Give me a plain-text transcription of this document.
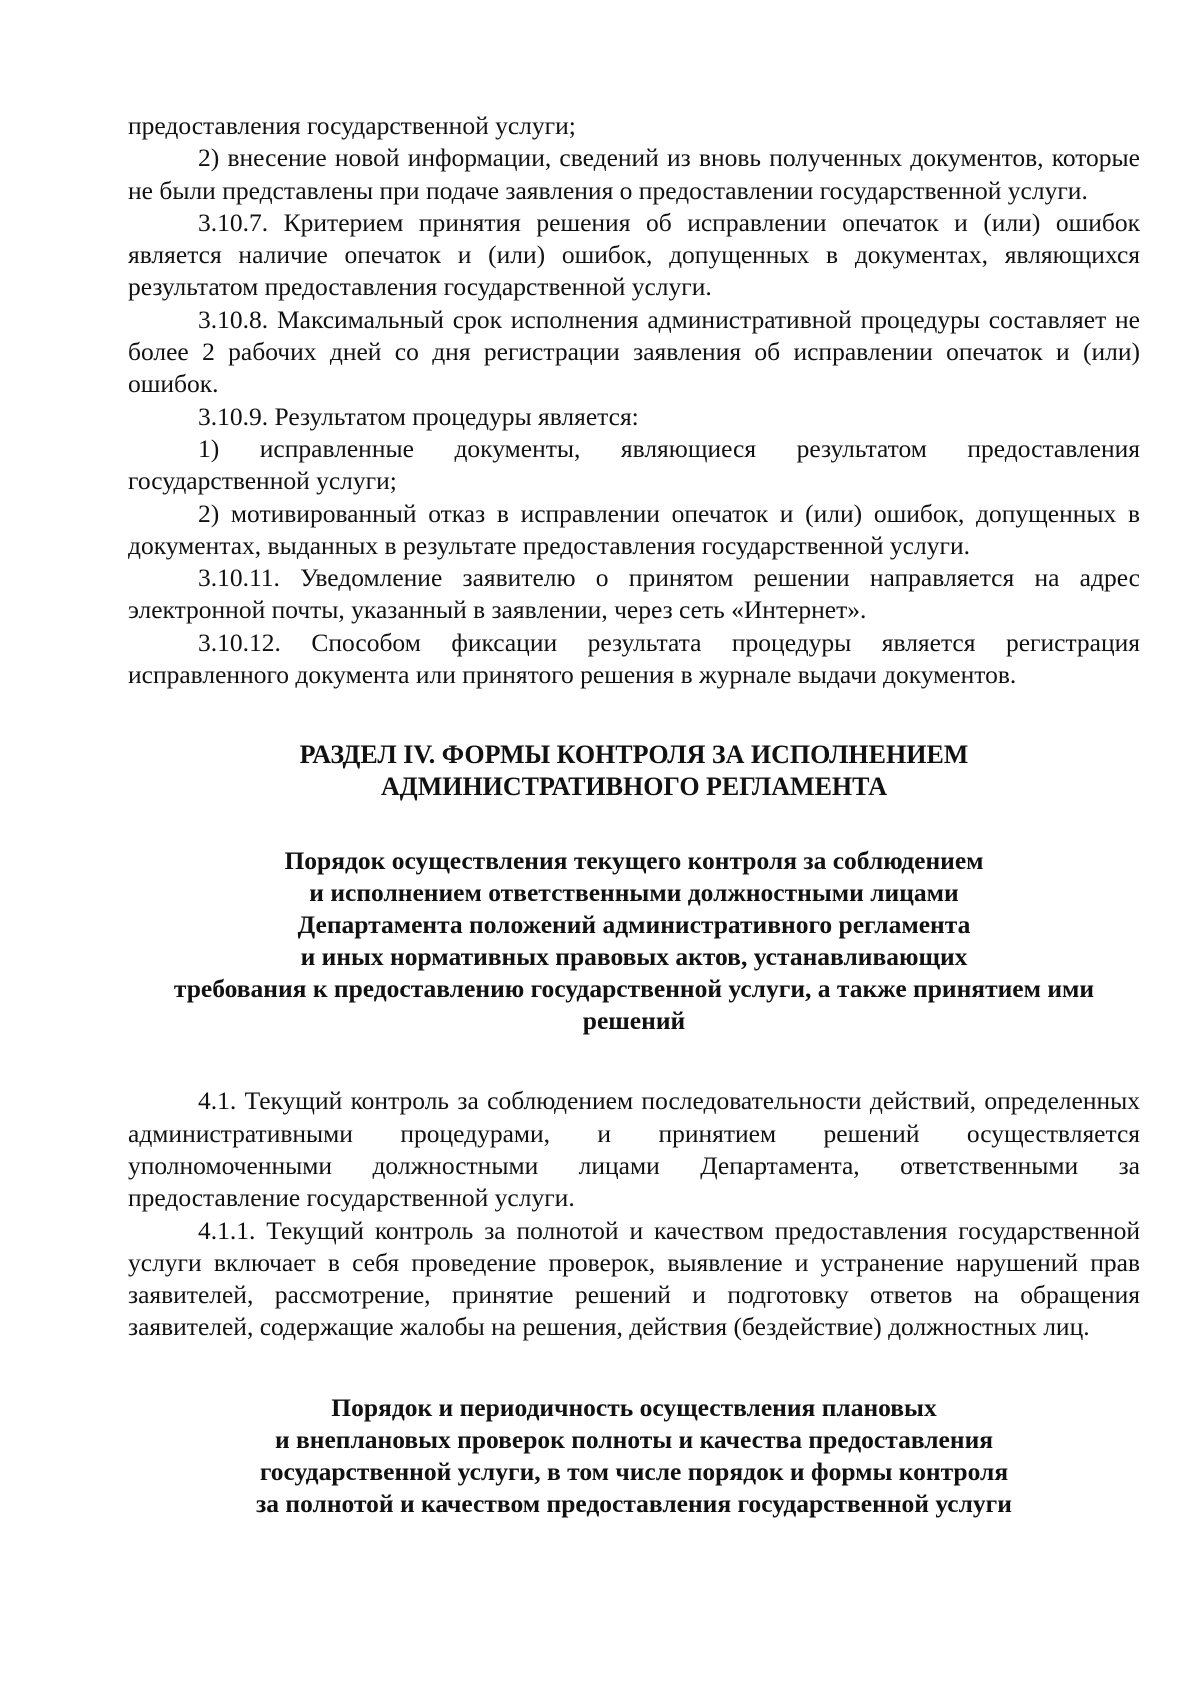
предоставления государственной услуги;

2) внесение новой информации, сведений из вновь полученных документов, которые не были представлены при подаче заявления о предоставлении государственной услуги.

3.10.7. Критерием принятия решения об исправлении опечаток и (или) ошибок является наличие опечаток и (или) ошибок, допущенных в документах, являющихся результатом предоставления государственной услуги.

3.10.8. Максимальный срок исполнения административной процедуры составляет не более 2 рабочих дней со дня регистрации заявления об исправлении опечаток и (или) ошибок.

3.10.9. Результатом процедуры является:

1) исправленные документы, являющиеся результатом предоставления государственной услуги;

2) мотивированный отказ в исправлении опечаток и (или) ошибок, допущенных в документах, выданных в результате предоставления государственной услуги.

3.10.11. Уведомление заявителю о принятом решении направляется на адрес электронной почты, указанный в заявлении, через сеть «Интернет».

3.10.12. Способом фиксации результата процедуры является регистрация исправленного документа или принятого решения в журнале выдачи документов.

РАЗДЕЛ IV. ФОРМЫ КОНТРОЛЯ ЗА ИСПОЛНЕНИЕМ
АДМИНИСТРАТИВНОГО РЕГЛАМЕНТА
Порядок осуществления текущего контроля за соблюдением
и исполнением ответственными должностными лицами
Департамента положений административного регламента
и иных нормативных правовых актов, устанавливающих
требования к предоставлению государственной услуги, а также принятием ими
решений

4.1. Текущий контроль за соблюдением последовательности действий, определенных административными процедурами, и принятием решений осуществляется уполномоченными должностными лицами Департамента, ответственными за предоставление государственной услуги.

4.1.1. Текущий контроль за полнотой и качеством предоставления государственной услуги включает в себя проведение проверок, выявление и устранение нарушений прав заявителей, рассмотрение, принятие решений и подготовку ответов на обращения заявителей, содержащие жалобы на решения, действия (бездействие) должностных лиц.

Порядок и периодичность осуществления плановых
и внеплановых проверок полноты и качества предоставления
государственной услуги, в том числе порядок и формы контроля
за полнотой и качеством предоставления государственной услуги
